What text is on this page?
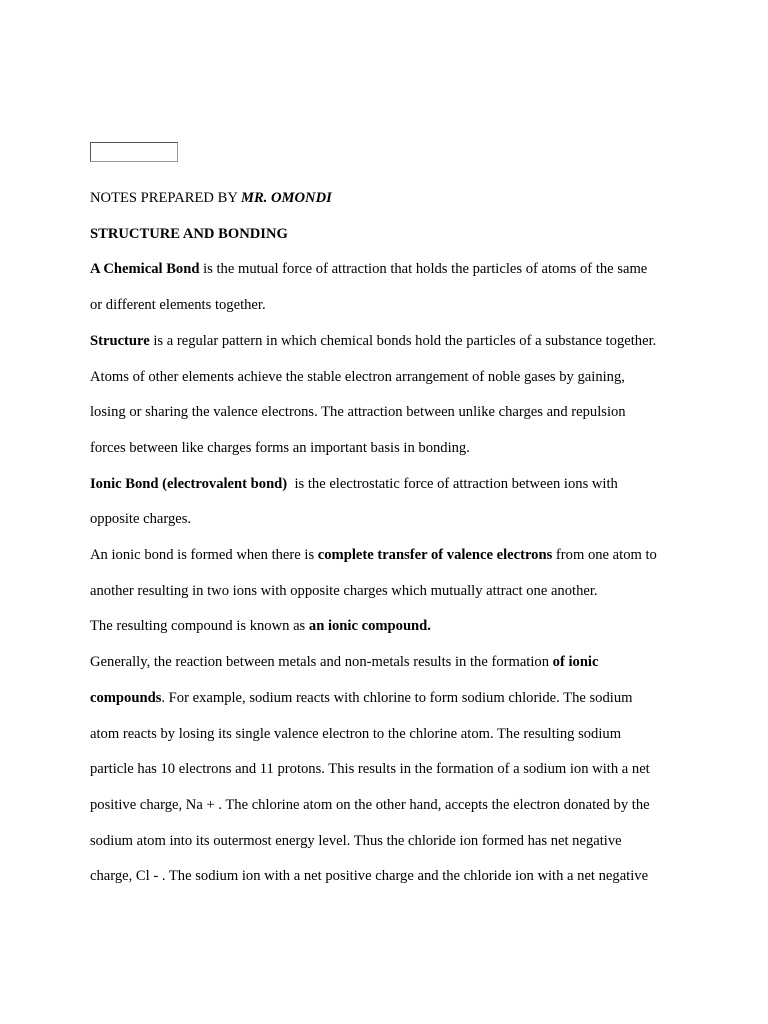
NOTES PREPARED BY MR. OMONDI

STRUCTURE AND BONDING

A Chemical Bond is the mutual force of attraction that holds the particles of atoms of the same

or different elements together.

Structure is a regular pattern in which chemical bonds hold the particles of a substance together.

Atoms of other elements achieve the stable electron arrangement of noble gases by gaining,

losing or sharing the valence electrons. The attraction between unlike charges and repulsion

forces between like charges forms an important basis in bonding.

Ionic Bond (electrovalent bond)  is the electrostatic force of attraction between ions with

opposite charges.

An ionic bond is formed when there is complete transfer of valence electrons from one atom to

another resulting in two ions with opposite charges which mutually attract one another.

The resulting compound is known as an ionic compound.

Generally, the reaction between metals and non-metals results in the formation of ionic

compounds. For example, sodium reacts with chlorine to form sodium chloride. The sodium

atom reacts by losing its single valence electron to the chlorine atom. The resulting sodium

particle has 10 electrons and 11 protons. This results in the formation of a sodium ion with a net

positive charge, Na + . The chlorine atom on the other hand, accepts the electron donated by the

sodium atom into its outermost energy level. Thus the chloride ion formed has net negative

charge, Cl - . The sodium ion with a net positive charge and the chloride ion with a net negative
